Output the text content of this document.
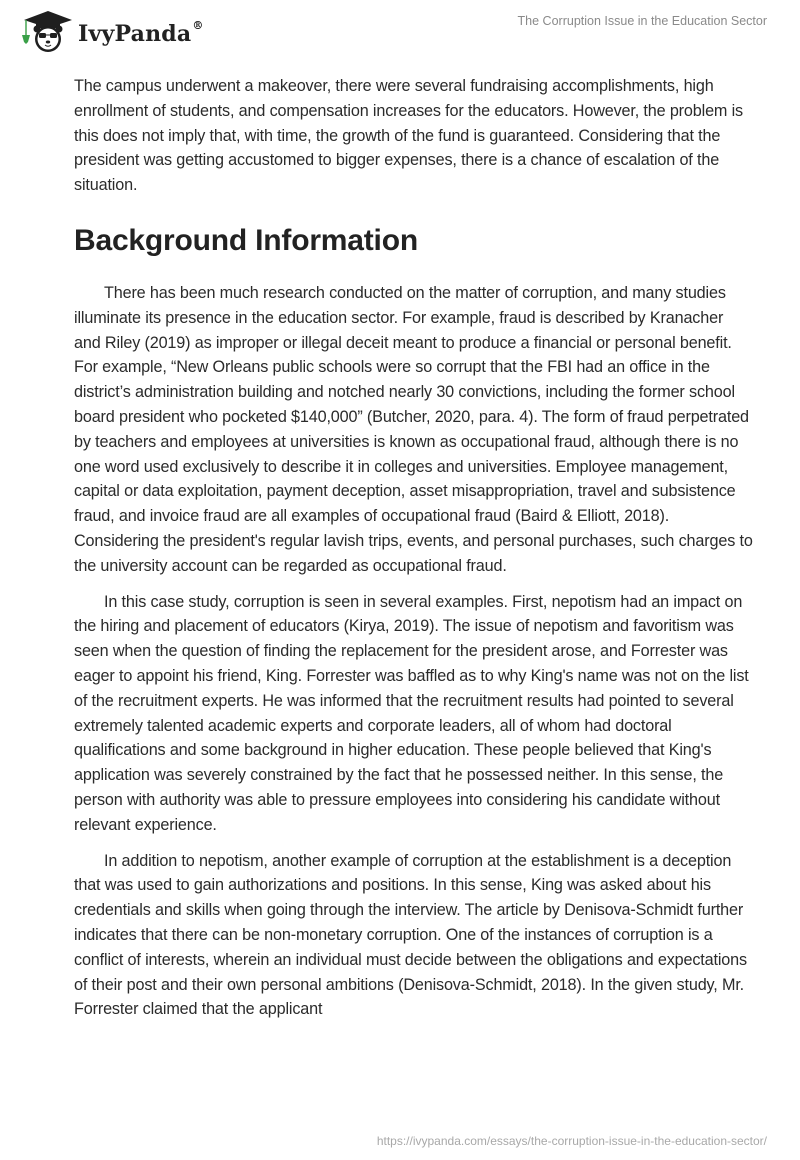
IvyPanda®	The Corruption Issue in the Education Sector

The campus underwent a makeover, there were several fundraising accomplishments, high enrollment of students, and compensation increases for the educators. However, the problem is this does not imply that, with time, the growth of the fund is guaranteed. Considering that the president was getting accustomed to bigger expenses, there is a chance of escalation of the situation.

Background Information

There has been much research conducted on the matter of corruption, and many studies illuminate its presence in the education sector. For example, fraud is described by Kranacher and Riley (2019) as improper or illegal deceit meant to produce a financial or personal benefit. For example, “New Orleans public schools were so corrupt that the FBI had an office in the district’s administration building and notched nearly 30 convictions, including the former school board president who pocketed $140,000” (Butcher, 2020, para. 4). The form of fraud perpetrated by teachers and employees at universities is known as occupational fraud, although there is no one word used exclusively to describe it in colleges and universities. Employee management, capital or data exploitation, payment deception, asset misappropriation, travel and subsistence fraud, and invoice fraud are all examples of occupational fraud (Baird & Elliott, 2018). Considering the president's regular lavish trips, events, and personal purchases, such charges to the university account can be regarded as occupational fraud.

In this case study, corruption is seen in several examples. First, nepotism had an impact on the hiring and placement of educators (Kirya, 2019). The issue of nepotism and favoritism was seen when the question of finding the replacement for the president arose, and Forrester was eager to appoint his friend, King. Forrester was baffled as to why King's name was not on the list of the recruitment experts. He was informed that the recruitment results had pointed to several extremely talented academic experts and corporate leaders, all of whom had doctoral qualifications and some background in higher education. These people believed that King's application was severely constrained by the fact that he possessed neither. In this sense, the person with authority was able to pressure employees into considering his candidate without relevant experience.

In addition to nepotism, another example of corruption at the establishment is a deception that was used to gain authorizations and positions. In this sense, King was asked about his credentials and skills when going through the interview. The article by Denisova-Schmidt further indicates that there can be non-monetary corruption. One of the instances of corruption is a conflict of interests, wherein an individual must decide between the obligations and expectations of their post and their own personal ambitions (Denisova-Schmidt, 2018). In the given study, Mr. Forrester claimed that the applicant

https://ivypanda.com/essays/the-corruption-issue-in-the-education-sector/
